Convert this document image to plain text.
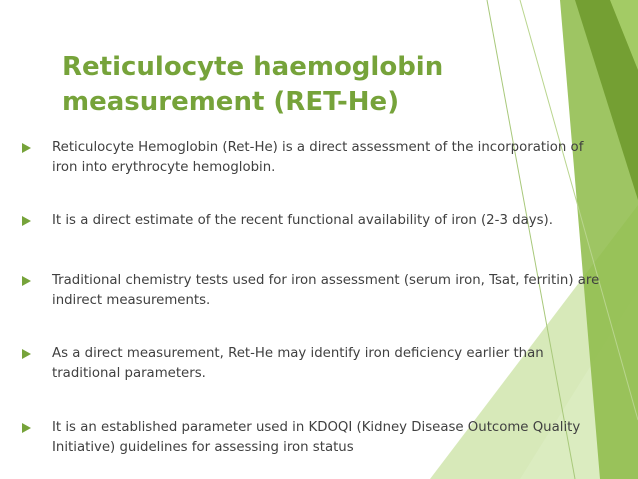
Reticulocyte haemoglobin
measurement (RET-He)
Reticulocyte Hemoglobin (Ret-He) is a direct assessment of the incorporation of iron into erythrocyte hemoglobin.
It is a direct estimate of the recent functional availability of iron (2-3 days).
Traditional chemistry tests used for iron assessment (serum iron, Tsat, ferritin) are indirect measurements.
As a direct measurement, Ret-He may identify iron deficiency earlier than traditional parameters.
It is an established parameter used in KDOQI (Kidney Disease Outcome Quality Initiative) guidelines for assessing iron status
